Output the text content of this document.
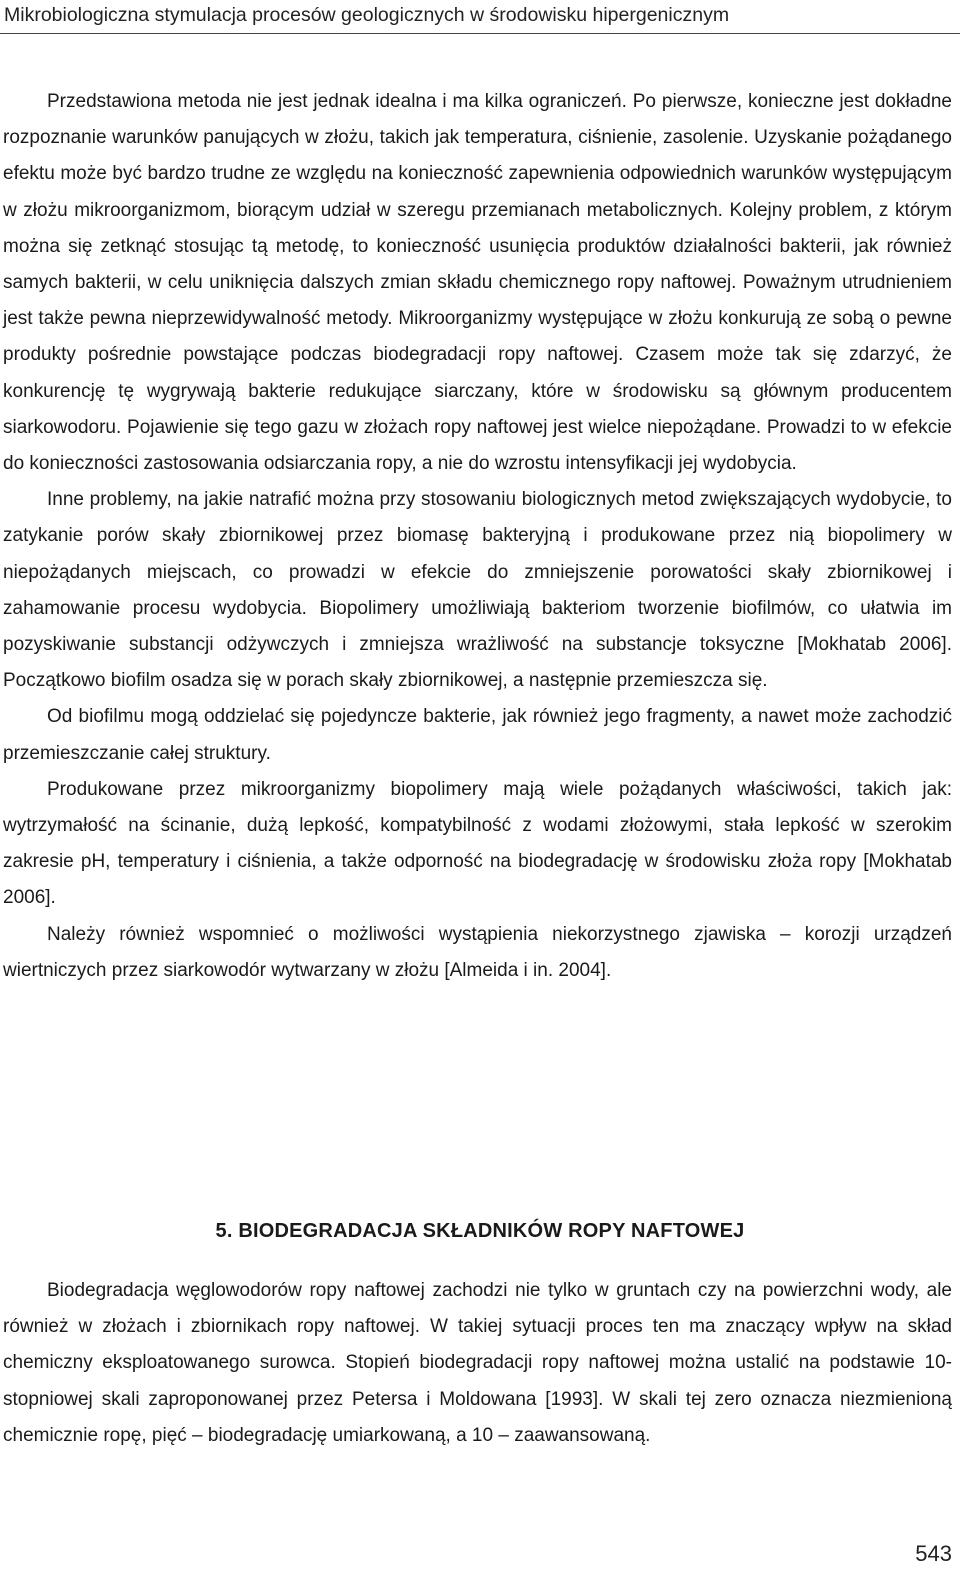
Mikrobiologiczna stymulacja procesów geologicznych w środowisku hipergenicznym

Przedstawiona metoda nie jest jednak idealna i ma kilka ograniczeń. Po pierwsze, konieczne jest dokładne rozpoznanie warunków panujących w złożu, takich jak temperatura, ciśnienie, zasolenie. Uzyskanie pożądanego efektu może być bardzo trudne ze względu na konieczność zapewnienia odpowiednich warunków występującym w złożu mikroorganizmom, biorącym udział w szeregu przemianach metabolicznych. Kolejny problem, z którym można się zetknąć stosując tą metodę, to konieczność usunięcia produktów działalności bakterii, jak również samych bakterii, w celu uniknięcia dalszych zmian składu chemicznego ropy naftowej. Poważnym utrudnieniem jest także pewna nieprzewidywalność metody. Mikroorganizmy występujące w złożu konkurują ze sobą o pewne produkty pośrednie powstające podczas biodegradacji ropy naftowej. Czasem może tak się zdarzyć, że konkurencję tę wygrywają bakterie redukujące siarczany, które w środowisku są głównym producentem siarkowodoru. Pojawienie się tego gazu w złożach ropy naftowej jest wielce niepożądane. Prowadzi to w efekcie do konieczności zastosowania odsiarczania ropy, a nie do wzrostu intensyfikacji jej wydobycia.

Inne problemy, na jakie natrafić można przy stosowaniu biologicznych metod zwiększających wydobycie, to zatykanie porów skały zbiornikowej przez biomasę bakteryjną i produkowane przez nią biopolimery w niepożądanych miejscach, co prowadzi w efekcie do zmniejszenie porowatości skały zbiornikowej i zahamowanie procesu wydobycia. Biopolimery umożliwiają bakteriom tworzenie biofilmów, co ułatwia im pozyskiwanie substancji odżywczych i zmniejsza wrażliwość na substancje toksyczne [Mokhatab 2006]. Początkowo biofilm osadza się w porach skały zbiornikowej, a następnie przemieszcza się.

Od biofilmu mogą oddzielać się pojedyncze bakterie, jak również jego fragmenty, a nawet może zachodzić przemieszczanie całej struktury.

Produkowane przez mikroorganizmy biopolimery mają wiele pożądanych właściwości, takich jak: wytrzymałość na ścinanie, dużą lepkość, kompatybilność z wodami złożowymi, stała lepkość w szerokim zakresie pH, temperatury i ciśnienia, a także odporność na biodegradację w środowisku złoża ropy [Mokhatab 2006].

Należy również wspomnieć o możliwości wystąpienia niekorzystnego zjawiska – korozji urządzeń wiertniczych przez siarkowodór wytwarzany w złożu [Almeida i in. 2004].

5. BIODEGRADACJA SKŁADNIKÓW ROPY NAFTOWEJ

Biodegradacja węglowodorów ropy naftowej zachodzi nie tylko w gruntach czy na powierzchni wody, ale również w złożach i zbiornikach ropy naftowej. W takiej sytuacji proces ten ma znaczący wpływ na skład chemiczny eksploatowanego surowca. Stopień biodegradacji ropy naftowej można ustalić na podstawie 10-stopniowej skali zaproponowanej przez Petersa i Moldowana [1993]. W skali tej zero oznacza niezmienioną chemicznie ropę, pięć – biodegradację umiarkowaną, a 10 – zaawansowaną.

543
